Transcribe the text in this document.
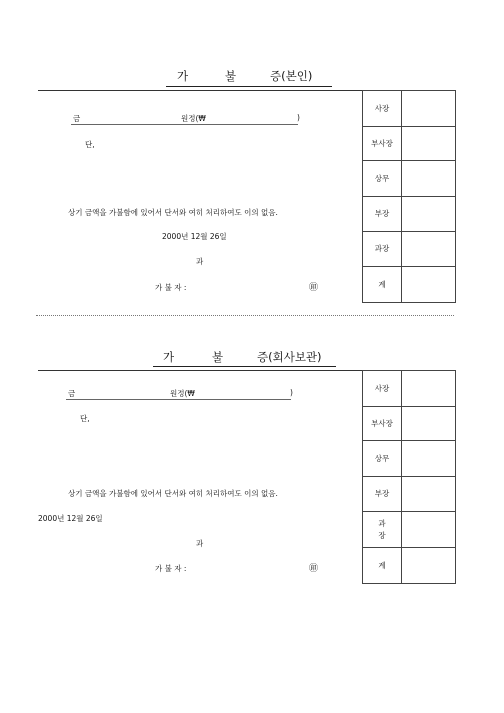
가	불	증(본인)
금	원정(₩	)
단,
상기 금액을 가불함에 있어서 단서와 여히 처리하여도 이의 없음.
2000년 12월 26일
과
가 불 자 :	㊞
사장	
부사장	
상무	
부장	
과장	
계	
가	불	증(회사보관)
금	원정(₩	)
단,
상기 금액을 가불함에 있어서 단서와 여히 처리하여도 이의 없음.
2000년 12월 26일
과
가 불 자 :	㊞
사장	
부사장	
상무	
부장	
과
장	
계	
